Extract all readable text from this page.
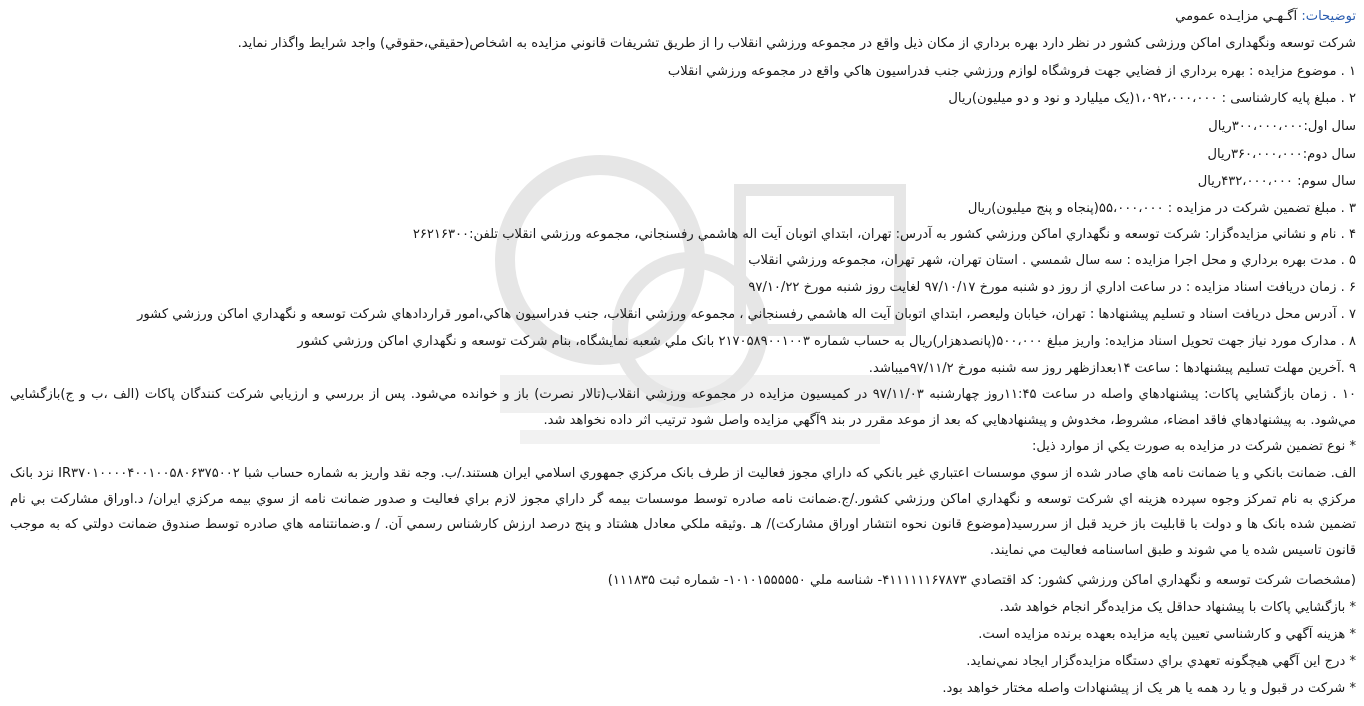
توضيحات: آگـهـي مزايـده عمومي
شركت توسعه ونگهداری اماكن ورزشی كشور در نظر دارد بهره برداري از مكان ذيل واقع در مجموعه ورزشي انقلاب را از طريق تشريفات قانوني مزايده به اشخاص(حقيقي،حقوقي) واجد شرايط واگذار نمايد.
۱ . موضوع مزايده : بهره برداري از فضايي جهت فروشگاه لوازم ورزشي جنب فدراسيون هاكي واقع در مجموعه ورزشي انقلاب
۲ . مبلغ پايه كارشناسی : ۱،۰۹۲،۰۰۰،۰۰۰(يک ميليارد و نود و دو ميليون)ريال
سال اول:۳۰۰،۰۰۰،۰۰۰ريال
سال دوم:۳۶۰،۰۰۰،۰۰۰ريال
سال سوم: ۴۳۲،۰۰۰،۰۰۰ريال
۳ . مبلغ تضمين شركت در مزايده : ۵۵،۰۰۰،۰۰۰(پنجاه و پنج ميليون)ريال
۴ . نام و نشاني مزايده‌گزار: شركت توسعه و نگهداري اماكن ورزشي كشور به آدرس: تهران، ابتداي اتوبان آيت اله هاشمي رفسنجاني، مجموعه ورزشي انقلاب تلفن:۲۶۲۱۶۳۰۰
۵ . مدت بهره برداري و محل اجرا مزايده : سه سال شمسي . استان تهران، شهر تهران، مجموعه ورزشي انقلاب
۶ . زمان دريافت اسناد مزايده : در ساعت اداري از روز دو شنبه مورخ ۹۷/۱۰/۱۷ لغايت روز شنبه مورخ ۹۷/۱۰/۲۲
۷ . آدرس محل دريافت اسناد و تسليم پيشنهادها : تهران، خيابان وليعصر، ابتداي اتوبان آيت اله هاشمي رفسنجاني ، مجموعه ورزشي انقلاب، جنب فدراسيون هاكي،امور قراردادهاي شركت توسعه و نگهداري اماكن ورزشي كشور
۸ . مدارک مورد نياز جهت تحويل اسناد مزايده: واريز مبلغ ۵۰۰،۰۰۰(پانصدهزار)ريال به حساب شماره ۲۱۷۰۵۸۹۰۰۱۰۰۳ بانک ملي شعبه نمايشگاه، بنام شركت توسعه و نگهداري اماكن ورزشي كشور
۹ .آخرين مهلت تسليم پيشنهادها : ساعت ۱۴بعدازظهر روز سه شنبه مورخ ۹۷/۱۱/۲ميباشد.
۱۰ . زمان بازگشايي پاكات: پيشنهادهاي واصله در ساعت ۱۱:۴۵روز چهارشنبه ۹۷/۱۱/۰۳ در كميسيون مزايده در مجموعه ورزشي انقلاب(تالار نصرت) باز و خوانده مي‌شود. پس از بررسي و ارزيابي شركت كنندگان پاكات (الف ،ب و ج)بازگشايي مي‌شود. به پيشنهادهاي فاقد امضاء، مشروط، مخدوش و پيشنهادهايي كه بعد از موعد مقرر در بند ۹آگهي مزايده واصل شود ترتيب اثر داده نخواهد شد.
* نوع تضمين شركت در مزايده به صورت يكي از موارد ذيل:
الف. ضمانت بانكي و يا ضمانت نامه هاي صادر شده از سوي موسسات اعتباري غير بانكي كه داراي مجوز فعاليت از طرف بانک مركزي جمهوري اسلامي ايران هستند./ب. وجه نقد واريز به شماره حساب شبا IR۳۷۰۱۰۰۰۰۴۰۰۱۰۰۵۸۰۶۳۷۵۰۰۲ نزد بانک مركزي به نام تمركز وجوه سپرده هزينه اي شركت توسعه و نگهداري اماكن ورزشي كشور./ج.ضمانت نامه صادره توسط موسسات بيمه گر داراي مجوز لازم براي فعاليت و صدور ضمانت نامه از سوي بيمه مركزي ايران/ د.اوراق مشاركت بي نام تضمين شده بانک ها و دولت با قابليت باز خريد قبل از سررسيد(موضوع قانون نحوه انتشار اوراق مشاركت)/ هـ .وثيقه ملكي معادل هشتاد و پنج درصد ارزش كارشناس رسمي آن. / و.ضمانتنامه هاي صادره توسط صندوق ضمانت دولتي كه به موجب قانون تاسيس شده يا مي شوند و طبق اساسنامه فعاليت مي نمايند.
(مشخصات شركت توسعه و نگهداري اماكن ورزشي كشور: كد اقتصادي ۴۱۱۱۱۱۱۶۷۸۷۳- شناسه ملي ۱۰۱۰۱۵۵۵۵۵۰- شماره ثبت ۱۱۱۸۳۵)
* بازگشايي پاكات با پيشنهاد حداقل يک مزايده‌گر انجام خواهد شد.
* هزينه آگهي و كارشناسي تعيين پايه مزايده بعهده برنده مزايده است.
* درج اين آگهي هيچگونه تعهدي براي دستگاه مزايده‌گزار ايجاد نمي‌نمايد.
* شركت در قبول و يا رد همه يا هر يک از پيشنهادات واصله مختار خواهد بود.
